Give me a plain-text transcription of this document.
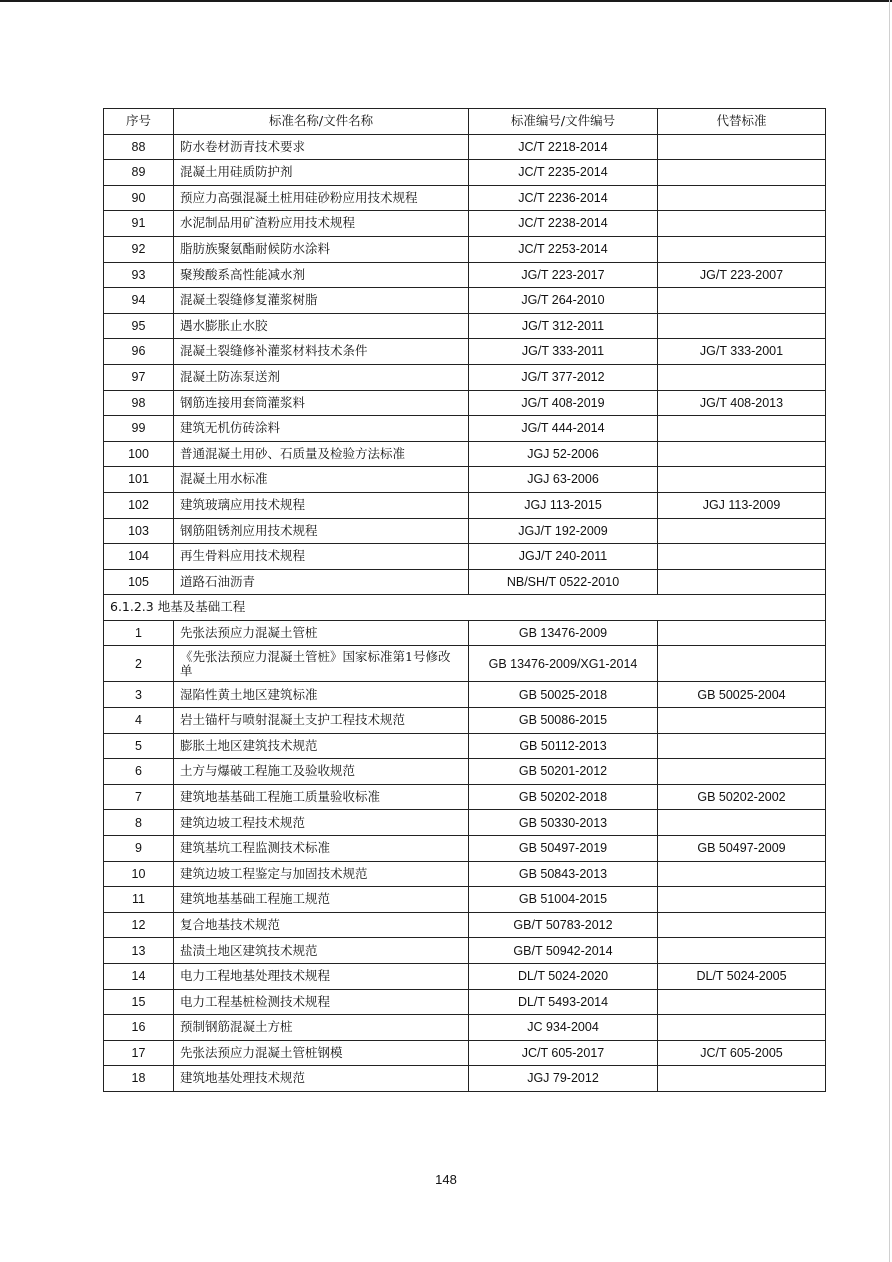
序号	标准名称/文件名称	标准编号/文件编号	代替标准
88	防水卷材沥青技术要求	JC/T 2218-2014	
89	混凝土用硅质防护剂	JC/T 2235-2014	
90	预应力高强混凝土桩用硅砂粉应用技术规程	JC/T 2236-2014	
91	水泥制品用矿渣粉应用技术规程	JC/T 2238-2014	
92	脂肪族聚氨酯耐候防水涂料	JC/T 2253-2014	
93	聚羧酸系高性能减水剂	JG/T 223-2017	JG/T 223-2007
94	混凝土裂缝修复灌浆树脂	JG/T 264-2010	
95	遇水膨胀止水胶	JG/T 312-2011	
96	混凝土裂缝修补灌浆材料技术条件	JG/T 333-2011	JG/T 333-2001
97	混凝土防冻泵送剂	JG/T 377-2012	
98	钢筋连接用套筒灌浆料	JG/T 408-2019	JG/T 408-2013
99	建筑无机仿砖涂料	JG/T 444-2014	
100	普通混凝土用砂、石质量及检验方法标准	JGJ 52-2006	
101	混凝土用水标准	JGJ 63-2006	
102	建筑玻璃应用技术规程	JGJ 113-2015	JGJ 113-2009
103	钢筋阻锈剂应用技术规程	JGJ/T 192-2009	
104	再生骨料应用技术规程	JGJ/T 240-2011	
105	道路石油沥青	NB/SH/T 0522-2010	
6.1.2.3 地基及基础工程			
1	先张法预应力混凝土管桩	GB 13476-2009	
2	《先张法预应力混凝土管桩》国家标准第1号修改单	GB 13476-2009/XG1-2014	
3	湿陷性黄土地区建筑标准	GB 50025-2018	GB 50025-2004
4	岩土锚杆与喷射混凝土支护工程技术规范	GB 50086-2015	
5	膨胀土地区建筑技术规范	GB 50112-2013	
6	土方与爆破工程施工及验收规范	GB 50201-2012	
7	建筑地基基础工程施工质量验收标准	GB 50202-2018	GB 50202-2002
8	建筑边坡工程技术规范	GB 50330-2013	
9	建筑基坑工程监测技术标准	GB 50497-2019	GB 50497-2009
10	建筑边坡工程鉴定与加固技术规范	GB 50843-2013	
11	建筑地基基础工程施工规范	GB 51004-2015	
12	复合地基技术规范	GB/T 50783-2012	
13	盐渍土地区建筑技术规范	GB/T 50942-2014	
14	电力工程地基处理技术规程	DL/T 5024-2020	DL/T 5024-2005
15	电力工程基桩检测技术规程	DL/T 5493-2014	
16	预制钢筋混凝土方桩	JC 934-2004	
17	先张法预应力混凝土管桩钢模	JC/T 605-2017	JC/T 605-2005
18	建筑地基处理技术规范	JGJ 79-2012	
148
